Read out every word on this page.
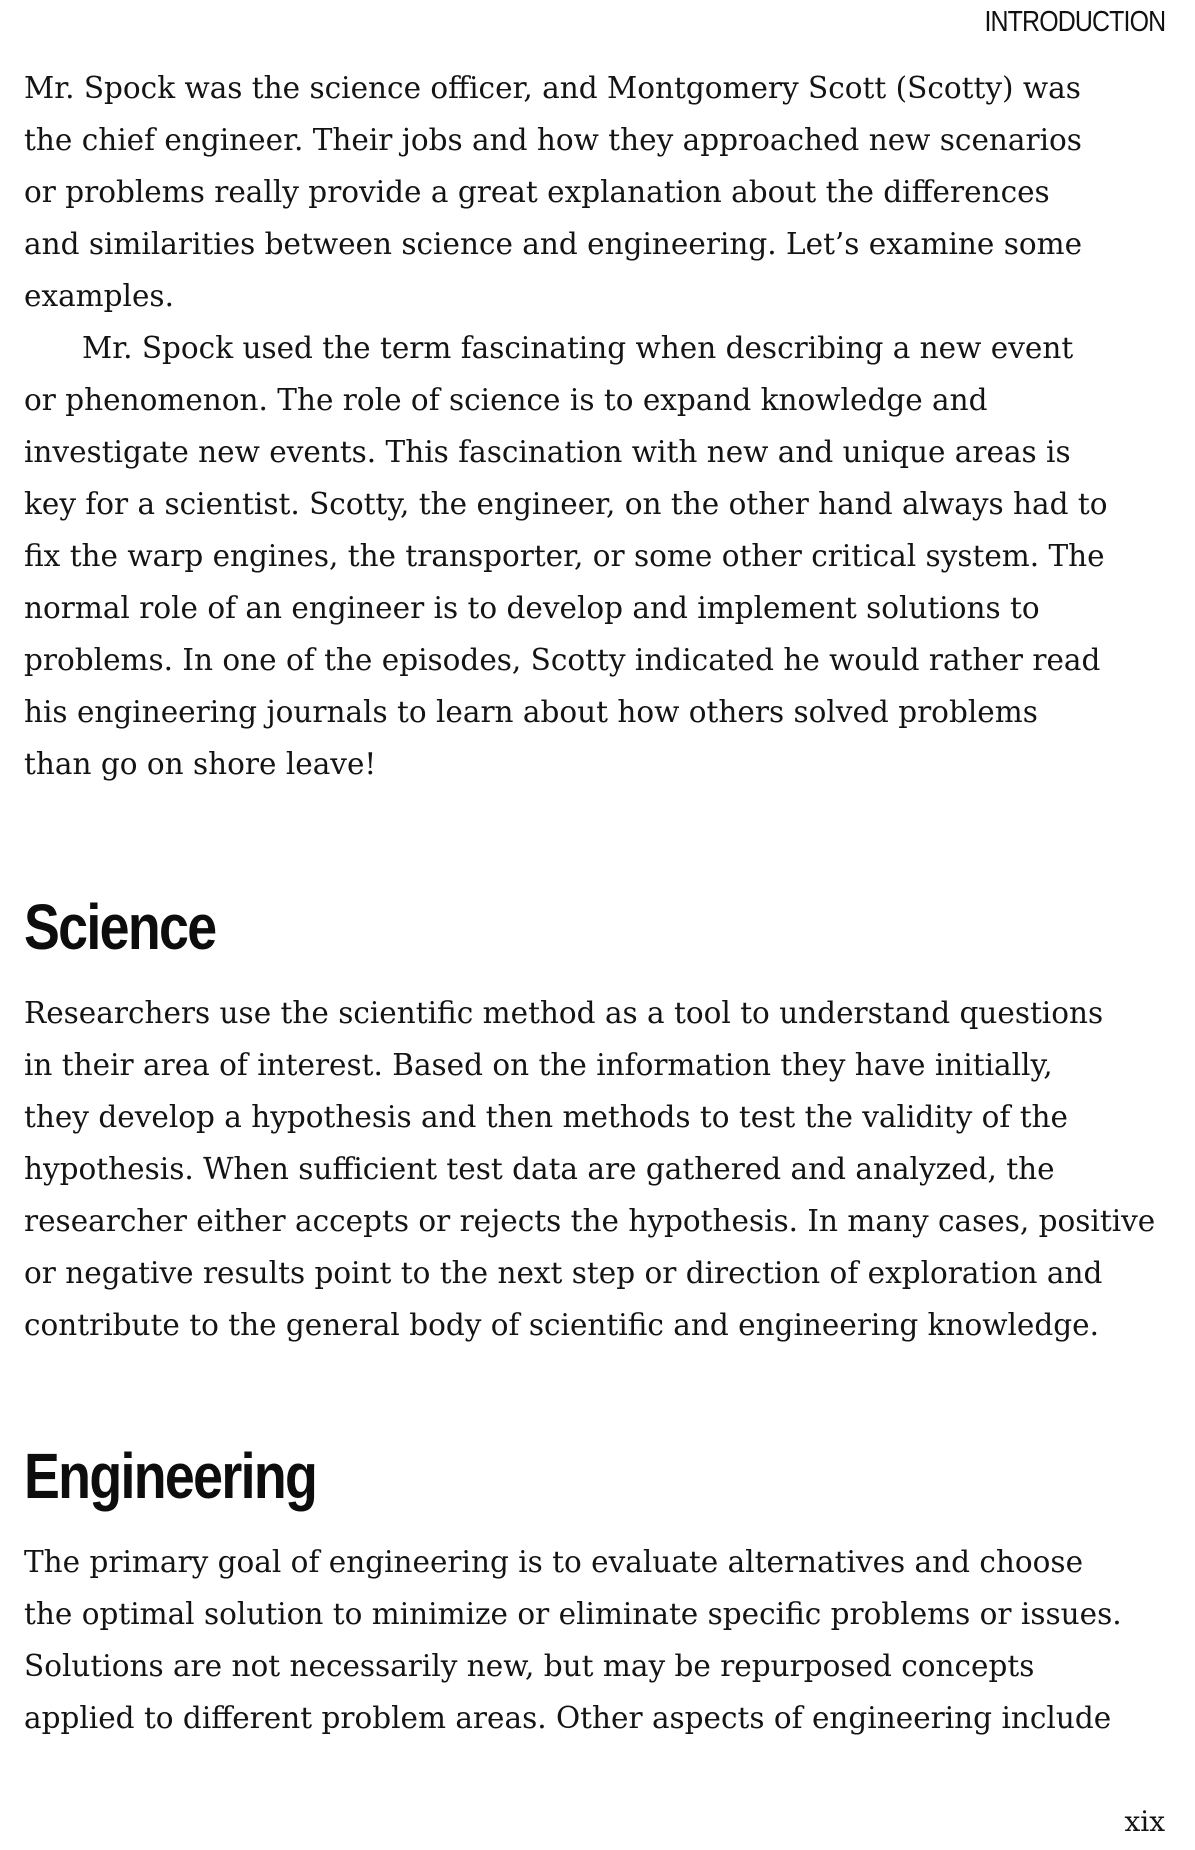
INTRODUCTION

Mr. Spock was the science officer, and Montgomery Scott (Scotty) was

the chief engineer. Their jobs and how they approached new scenarios

or problems really provide a great explanation about the differences

and similarities between science and engineering. Let’s examine some

examples.

Mr. Spock used the term fascinating when describing a new event

or phenomenon. The role of science is to expand knowledge and

investigate new events. This fascination with new and unique areas is

key for a scientist. Scotty, the engineer, on the other hand always had to

fix the warp engines, the transporter, or some other critical system. The

normal role of an engineer is to develop and implement solutions to

problems. In one of the episodes, Scotty indicated he would rather read

his engineering journals to learn about how others solved problems

than go on shore leave!

Science

Researchers use the scientific method as a tool to understand questions

in their area of interest. Based on the information they have initially,

they develop a hypothesis and then methods to test the validity of the

hypothesis. When sufficient test data are gathered and analyzed, the

researcher either accepts or rejects the hypothesis. In many cases, positive

or negative results point to the next step or direction of exploration and

contribute to the general body of scientific and engineering knowledge.

Engineering

The primary goal of engineering is to evaluate alternatives and choose

the optimal solution to minimize or eliminate specific problems or issues.

Solutions are not necessarily new, but may be repurposed concepts

applied to different problem areas. Other aspects of engineering include

xix
